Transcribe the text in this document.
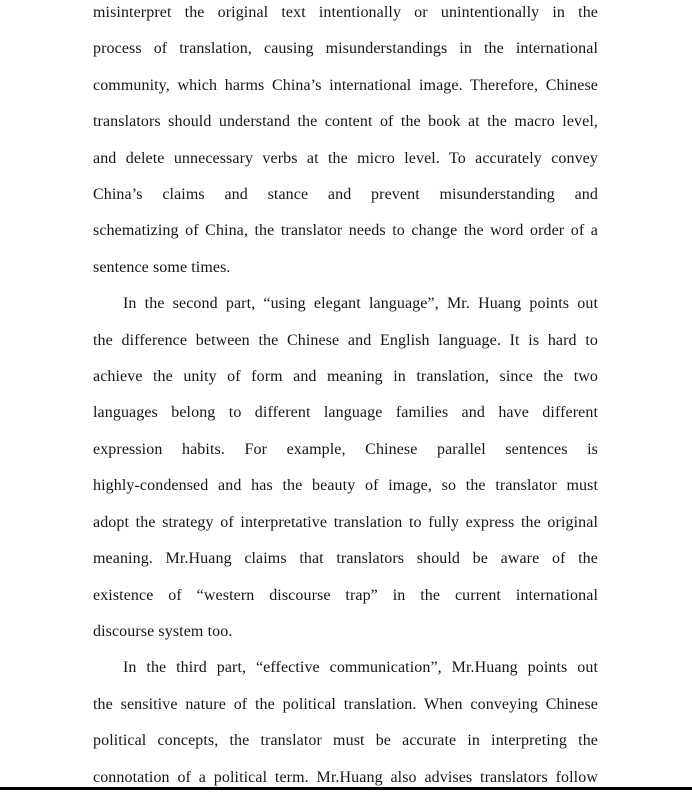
misinterpret the original text intentionally or unintentionally in the
process of translation, causing misunderstandings in the international
community, which harms China’s international image. Therefore, Chinese
translators should understand the content of the book at the macro level,
and delete unnecessary verbs at the micro level. To accurately convey
China’s claims and stance and prevent misunderstanding and
schematizing of China, the translator needs to change the word order of a
sentence some times.
In the second part, “using elegant language”, Mr. Huang points out
the difference between the Chinese and English language. It is hard to
achieve the unity of form and meaning in translation, since the two
languages belong to different language families and have different
expression habits. For example, Chinese parallel sentences is
highly-condensed and has the beauty of image, so the translator must
adopt the strategy of interpretative translation to fully express the original
meaning. Mr.Huang claims that translators should be aware of the
existence of “western discourse trap” in the current international
discourse system too.
In the third part, “effective communication”, Mr.Huang points out
the sensitive nature of the political translation. When conveying Chinese
political concepts, the translator must be accurate in interpreting the
connotation of a political term. Mr.Huang also advises translators follow
